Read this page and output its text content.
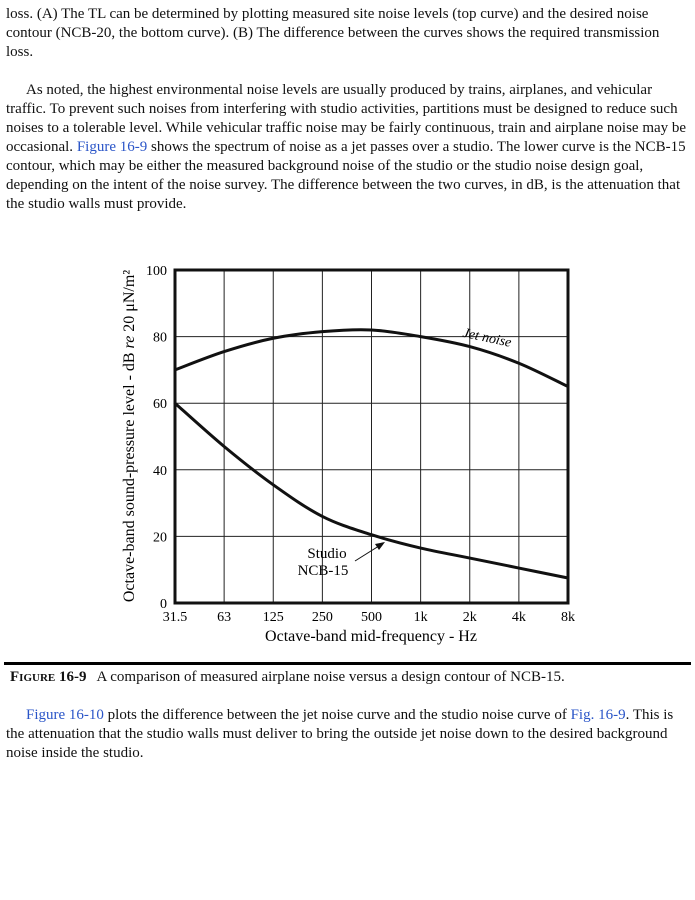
loss. (A) The TL can be determined by plotting measured site noise levels (top curve) and the desired noise contour (NCB-20, the bottom curve). (B) The difference between the curves shows the required transmission loss.

As noted, the highest environmental noise levels are usually produced by trains, airplanes, and vehicular traffic. To prevent such noises from interfering with studio activities, partitions must be designed to reduce such noises to a tolerable level. While vehicular traffic noise may be fairly continuous, train and airplane noise may be occasional. Figure 16-9 shows the spectrum of noise as a jet passes over a studio. The lower curve is the NCB-15 contour, which may be either the measured background noise of the studio or the studio noise design goal, depending on the intent of the noise survey. The difference between the two curves, in dB, is the attenuation that the studio walls must provide.

0
20
40
60
80
100
31.5 63 125 250 500 1k	2k	4k	8k
Jet noise
Studio
NCB-15
Octave-band mid-frequency - Hz
Octave-band sound-pressure level - dB re 20 μN/m²
Figure 16-9 A comparison of measured airplane noise versus a design contour of NCB-15.

Figure 16-10 plots the difference between the jet noise curve and the studio noise curve of Fig. 16-9. This is the attenuation that the studio walls must deliver to bring the outside jet noise down to the desired background noise inside the studio.
